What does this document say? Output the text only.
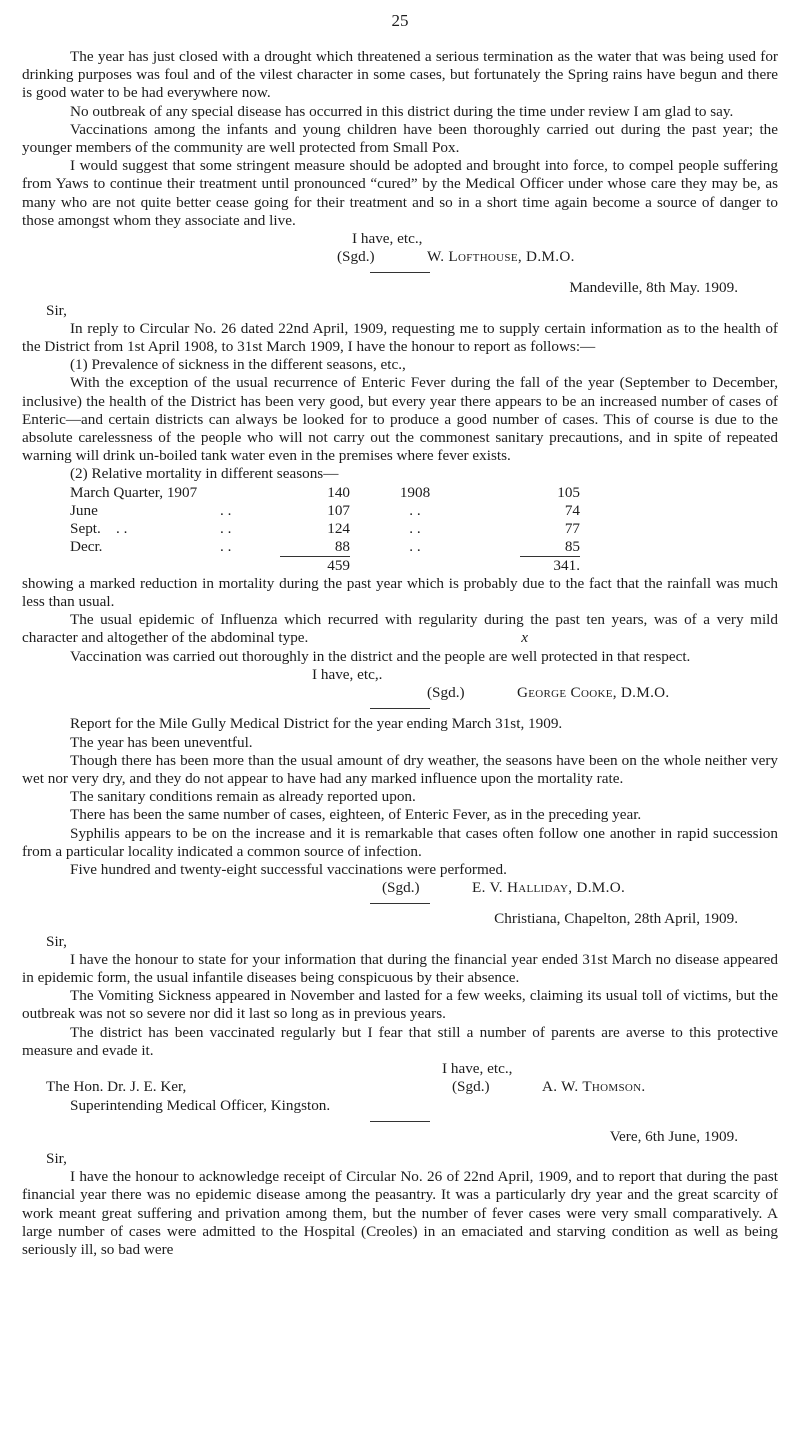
25

The year has just closed with a drought which threatened a serious termination as the water that was being used for drinking purposes was foul and of the vilest character in some cases, but fortunately the Spring rains have begun and there is good water to be had everywhere now.

No outbreak of any special disease has occurred in this district during the time under review I am glad to say.

Vaccinations among the infants and young children have been thoroughly carried out during the past year; the younger members of the community are well protected from Small Pox.

I would suggest that some stringent measure should be adopted and brought into force, to compel people suffering from Yaws to continue their treatment until pronounced “cured” by the Medical Officer under whose care they may be, as many who are not quite better cease going for their treatment and so in a short time again become a source of danger to those amongst whom they associate and live.

I have, etc.,

(Sgd.)	W. Lofthouse, D.M.O.

Mandeville, 8th May. 1909.

Sir,

In reply to Circular No. 26 dated 22nd April, 1909, requesting me to supply certain information as to the health of the District from 1st April 1908, to 31st March 1909, I have the honour to report as follows:—

(1) Prevalence of sickness in the different seasons, etc.,

With the exception of the usual recurrence of Enteric Fever during the fall of the year (September to December, inclusive) the health of the District has been very good, but every year there appears to be an increased number of cases of Enteric—and certain districts can always be looked for to produce a good number of cases. This of course is due to the absolute carelessness of the people who will not carry out the commonest sanitary precautions, and in spite of repeated warning will drink un-boiled tank water even in the premises where fever exists.

(2) Relative mortality in different seasons—

March Quarter, 1907		140	1908		105
June	. .	107	. .		74
Sept. . .	. .	124	. .		77
Decr.	. .	88	. .		85
		459			341.

showing a marked reduction in mortality during the past year which is probably due to the fact that the rainfall was much less than usual.

The usual epidemic of Influenza which recurred with regularity during the past ten years, was of a very mild character and altogether of the abdominal type.	x

Vaccination was carried out thoroughly in the district and the people are well protected in that respect.

I have, etc,.

(Sgd.)	George Cooke, D.M.O.

Report for the Mile Gully Medical District for the year ending March 31st, 1909.

The year has been uneventful.

Though there has been more than the usual amount of dry weather, the seasons have been on the whole neither very wet nor very dry, and they do not appear to have had any marked influence upon the mortality rate.

The sanitary conditions remain as already reported upon.

There has been the same number of cases, eighteen, of Enteric Fever, as in the preceding year.

Syphilis appears to be on the increase and it is remarkable that cases often follow one another in rapid succession from a particular locality indicated a common source of infection.

Five hundred and twenty-eight successful vaccinations were performed.

(Sgd.)	E. V. Halliday, D.M.O.

Christiana, Chapelton, 28th April, 1909.

Sir,

I have the honour to state for your information that during the financial year ended 31st March no disease appeared in epidemic form, the usual infantile diseases being conspicuous by their absence.

The Vomiting Sickness appeared in November and lasted for a few weeks, claiming its usual toll of victims, but the outbreak was not so severe nor did it last so long as in previous years.

The district has been vaccinated regularly but I fear that still a number of parents are averse to this protective measure and evade it.

I have, etc.,

(Sgd.)	A. W. Thomson.

The Hon. Dr. J. E. Ker,

Superintending Medical Officer, Kingston.

Vere, 6th June, 1909.

Sir,

I have the honour to acknowledge receipt of Circular No. 26 of 22nd April, 1909, and to report that during the past financial year there was no epidemic disease among the peasantry. It was a particularly dry year and the great scarcity of work meant great suffering and privation among them, but the number of fever cases were very small comparatively. A large number of cases were admitted to the Hospital (Creoles) in an emaciated and starving condition as well as being seriously ill, so bad were
